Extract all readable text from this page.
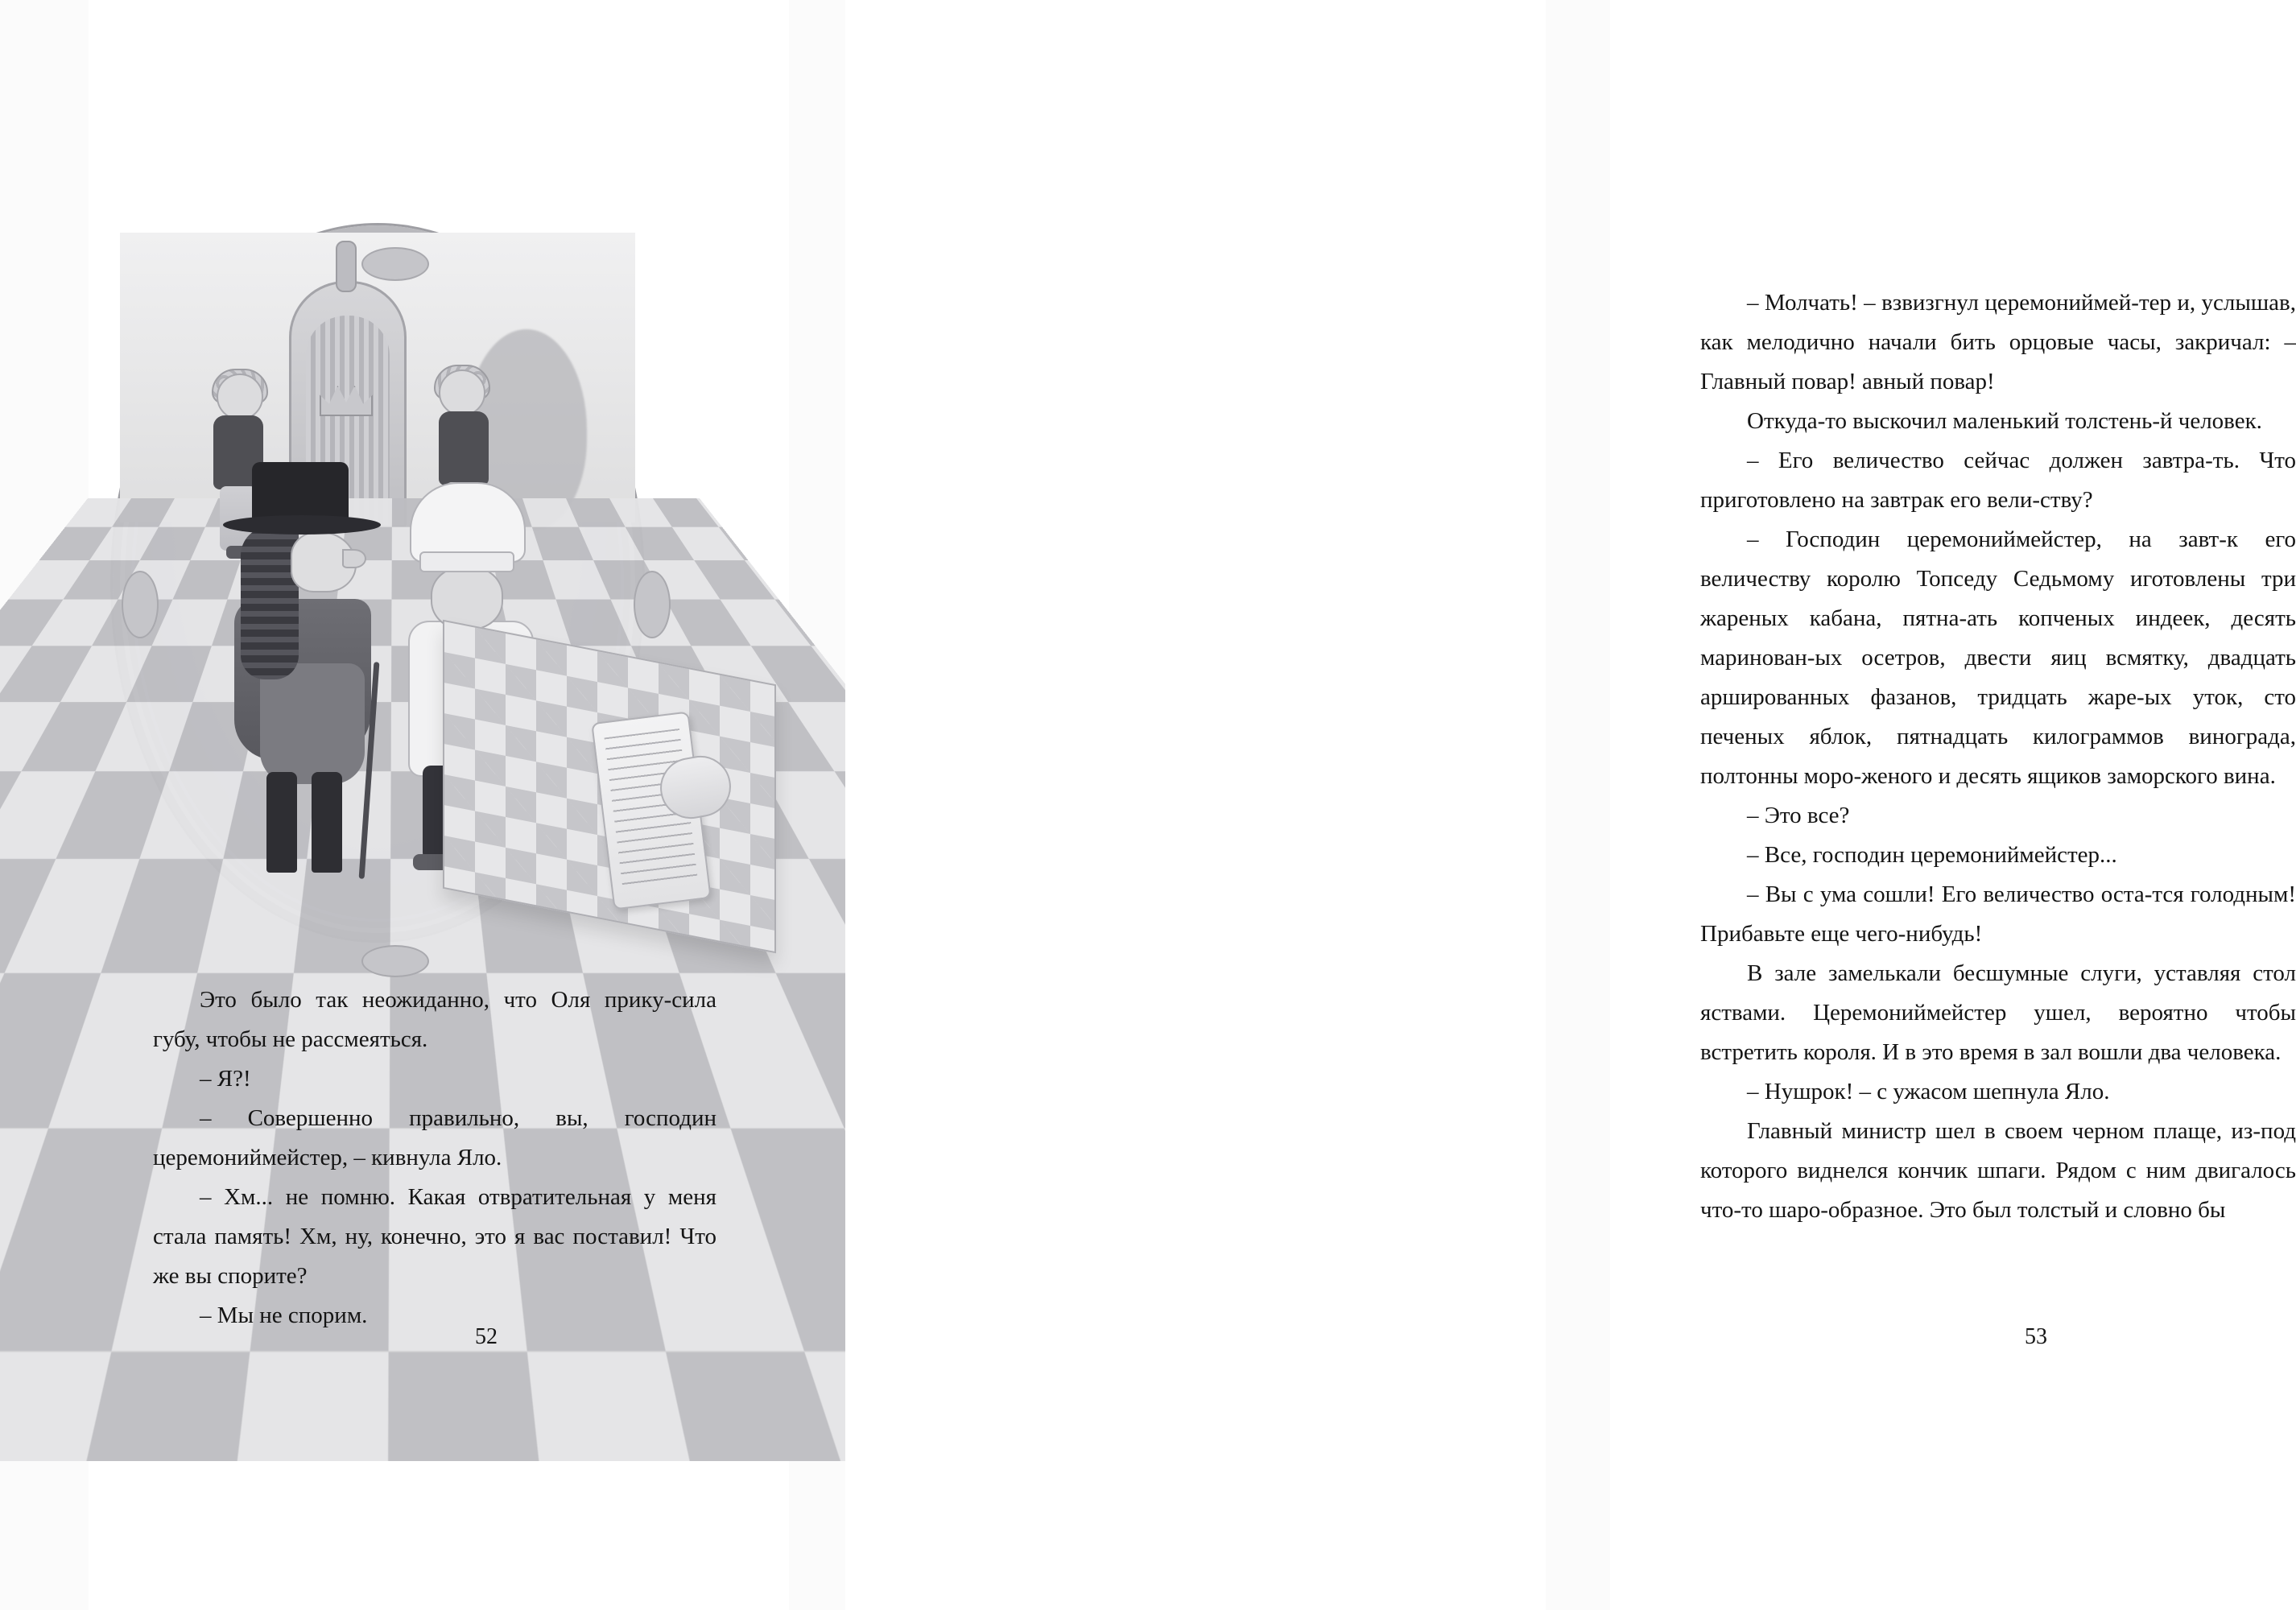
Это было так неожиданно, что Оля прику-сила губу, чтобы не рассмеяться.

– Я?!

– Совершенно правильно, вы, господин церемониймейстер, – кивнула Яло.

– Хм... не помню. Какая отвратительная у меня стала память! Хм, ну, конечно, это я вас поставил! Что же вы спорите?

– Мы не спорим.

52

– Молчать! – взвизгнул церемониймей-тер и, услышав, как мелодично начали бить орцовые часы, закричал: – Главный повар! авный повар!

Откуда-то выскочил маленький толстень-й человек.

– Его величество сейчас должен завтра-ть. Что приготовлено на завтрак его вели-ству?

– Господин церемониймейстер, на завт-к его величеству королю Топседу Седьмому иготовлены три жареных кабана, пятна-ать копченых индеек, десять маринован-ых осетров, двести яиц всмятку, двадцать аршированных фазанов, тридцать жаре-ых уток, сто печеных яблок, пятнадцать килограммов винограда, полтонны моро-женого и десять ящиков заморского вина.

– Это все?

– Все, господин церемониймейстер...

– Вы с ума сошли! Его величество оста-тся голодным! Прибавьте еще чего-нибудь!

В зале замелькали бесшумные слуги, уставляя стол яствами. Церемониймейстер ушел, вероятно чтобы встретить короля. И в это время в зал вошли два человека.

– Нушрок! – с ужасом шепнула Яло.

Главный министр шел в своем черном плаще, из-под которого виднелся кончик шпаги. Рядом с ним двигалось что-то шаро-образное. Это был толстый и словно бы

53
